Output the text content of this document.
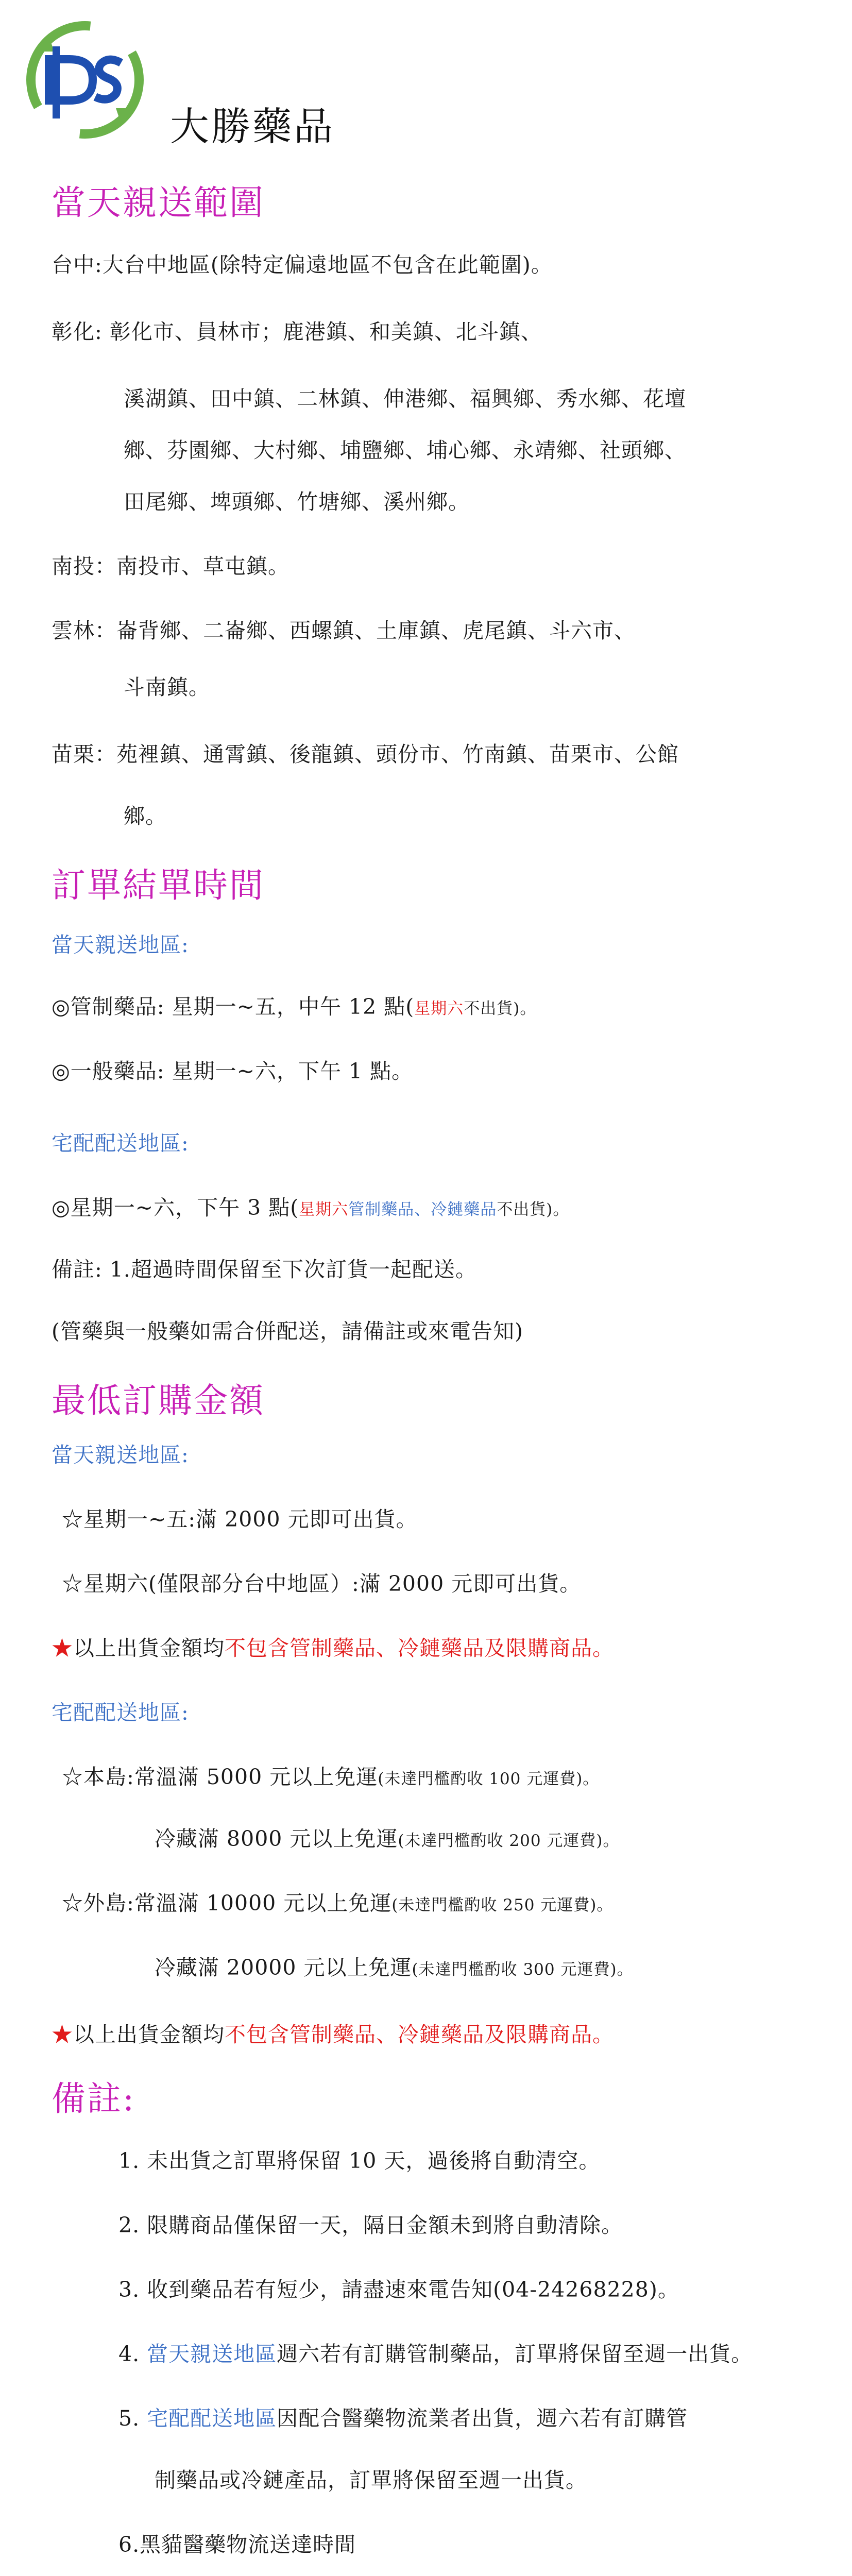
大勝藥品
當天親送範圍
台中:大台中地區(除特定偏遠地區不包含在此範圍)。
彰化: 彰化市、員林市；鹿港鎮、和美鎮、北斗鎮、
溪湖鎮、田中鎮、二林鎮、伸港鄉、福興鄉、秀水鄉、花壇
鄉、芬園鄉、大村鄉、埔鹽鄉、埔心鄉、永靖鄉、社頭鄉、
田尾鄉、埤頭鄉、竹塘鄉、溪州鄉。
南投：南投市、草屯鎮。
雲林：崙背鄉、二崙鄉、西螺鎮、土庫鎮、虎尾鎮、斗六市、
斗南鎮。
苗栗：苑裡鎮、通霄鎮、後龍鎮、頭份市、竹南鎮、苗栗市、公館
鄉。
訂單結單時間
當天親送地區:
◎管制藥品: 星期一~五，中午 12 點(星期六不出貨)。
◎一般藥品: 星期一~六，下午 1 點。
宅配配送地區:
◎星期一~六，下午 3 點(星期六管制藥品、冷鏈藥品不出貨)。
備註: 1.超過時間保留至下次訂貨一起配送。
(管藥與一般藥如需合併配送，請備註或來電告知)
最低訂購金額
當天親送地區:
☆星期一~五:滿 2000 元即可出貨。
☆星期六(僅限部分台中地區）:滿 2000 元即可出貨。
★以上出貨金額均不包含管制藥品、冷鏈藥品及限購商品。
宅配配送地區:
☆本島:常溫滿 5000 元以上免運(未達門檻酌收 100 元運費)。
冷藏滿 8000 元以上免運(未達門檻酌收 200 元運費)。
☆外島:常溫滿 10000 元以上免運(未達門檻酌收 250 元運費)。
冷藏滿 20000 元以上免運(未達門檻酌收 300 元運費)。
★以上出貨金額均不包含管制藥品、冷鏈藥品及限購商品。
備註:
1. 未出貨之訂單將保留 10 天，過後將自動清空。
2. 限購商品僅保留一天，隔日金額未到將自動清除。
3. 收到藥品若有短少，請盡速來電告知(04-24268228)。
4. 當天親送地區週六若有訂購管制藥品，訂單將保留至週一出貨。
5. 宅配配送地區因配合醫藥物流業者出貨，週六若有訂購管
制藥品或冷鏈產品，訂單將保留至週一出貨。
6.黑貓醫藥物流送達時間
